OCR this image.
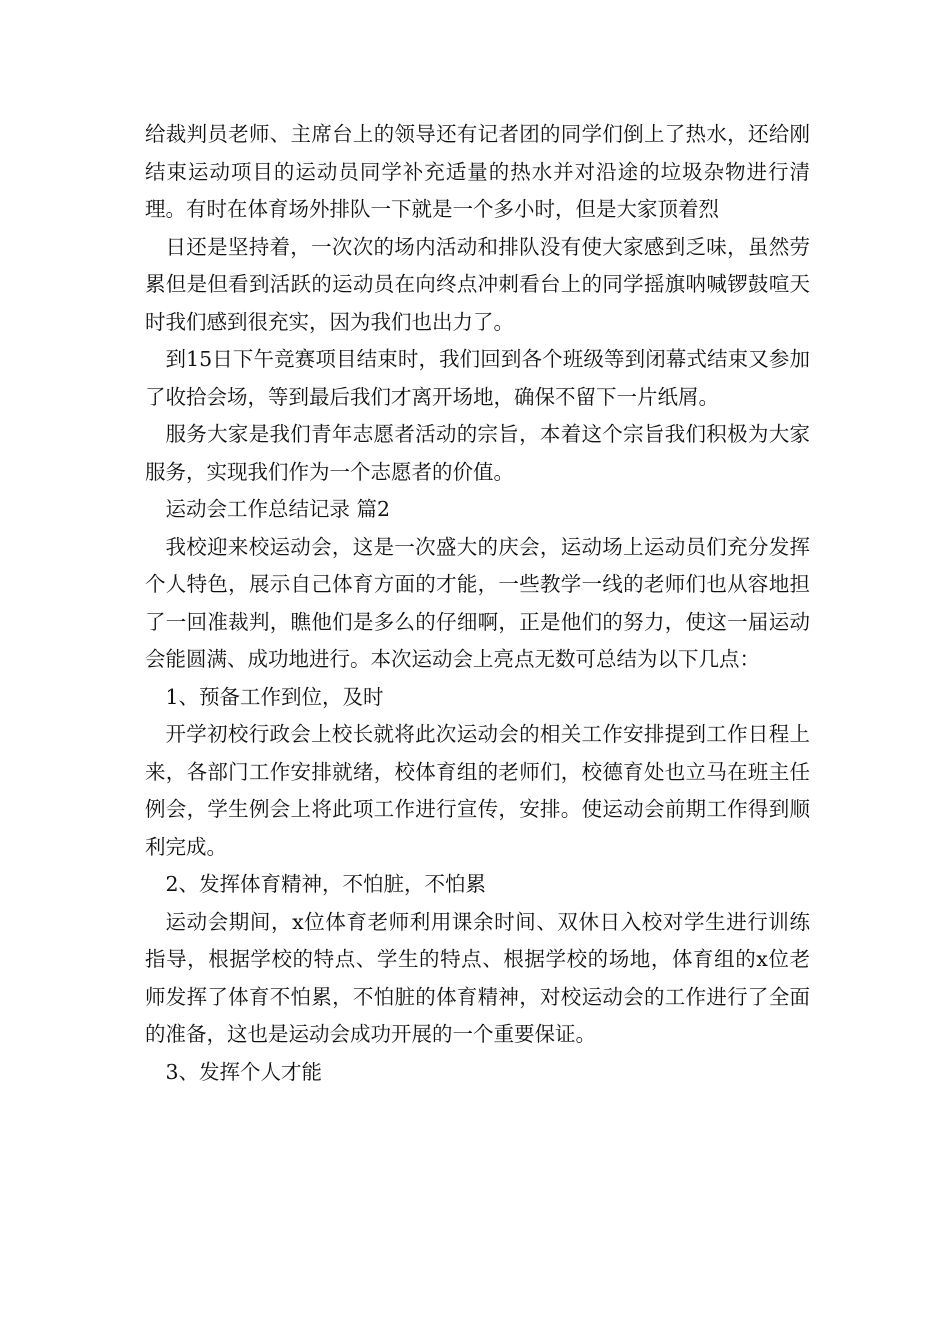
给裁判员老师、主席台上的领导还有记者团的同学们倒上了热水，还给刚结束运动项目的运动员同学补充适量的热水并对沿途的垃圾杂物进行清理。有时在体育场外排队一下就是一个多小时，但是大家顶着烈

日还是坚持着，一次次的场内活动和排队没有使大家感到乏味，虽然劳累但是但看到活跃的运动员在向终点冲刺看台上的同学摇旗呐喊锣鼓喧天时我们感到很充实，因为我们也出力了。

到15日下午竞赛项目结束时，我们回到各个班级等到闭幕式结束又参加了收拾会场，等到最后我们才离开场地，确保不留下一片纸屑。

服务大家是我们青年志愿者活动的宗旨，本着这个宗旨我们积极为大家服务，实现我们作为一个志愿者的价值。

运动会工作总结记录 篇2

我校迎来校运动会，这是一次盛大的庆会，运动场上运动员们充分发挥个人特色，展示自己体育方面的才能，一些教学一线的老师们也从容地担了一回准裁判，瞧他们是多么的仔细啊，正是他们的努力，使这一届运动会能圆满、成功地进行。本次运动会上亮点无数可总结为以下几点：

1、预备工作到位，及时

开学初校行政会上校长就将此次运动会的相关工作安排提到工作日程上来，各部门工作安排就绪，校体育组的老师们，校德育处也立马在班主任例会，学生例会上将此项工作进行宣传，安排。使运动会前期工作得到顺利完成。

2、发挥体育精神，不怕脏，不怕累

运动会期间，x位体育老师利用课余时间、双休日入校对学生进行训练指导，根据学校的特点、学生的特点、根据学校的场地，体育组的x位老师发挥了体育不怕累，不怕脏的体育精神，对校运动会的工作进行了全面的准备，这也是运动会成功开展的一个重要保证。

3、发挥个人才能
